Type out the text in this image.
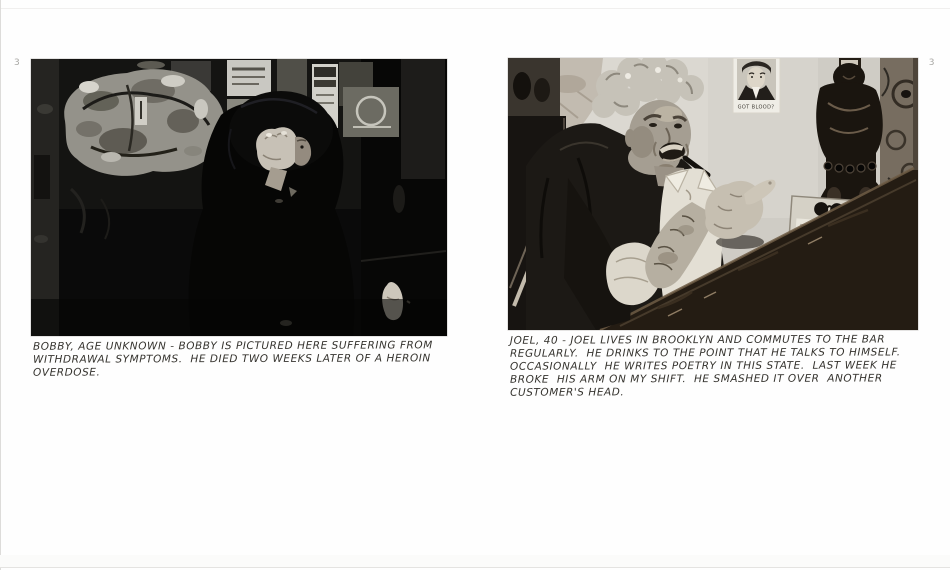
3
BOBBY, AGE UNKNOWN - BOBBY IS PICTURED HERE SUFFERING FROM
WITHDRAWAL SYMPTOMS.  HE DIED TWO WEEKS LATER OF A HEROIN
OVERDOSE.
3
GOT BLOOD?
JOEL, 40 - JOEL LIVES IN BROOKLYN AND COMMUTES TO THE BAR
REGULARLY.  HE DRINKS TO THE POINT THAT HE TALKS TO HIMSELF.
OCCASIONALLY  HE WRITES POETRY IN THIS STATE.  LAST WEEK HE
BROKE  HIS ARM ON MY SHIFT.  HE SMASHED IT OVER  ANOTHER
CUSTOMER'S HEAD.
